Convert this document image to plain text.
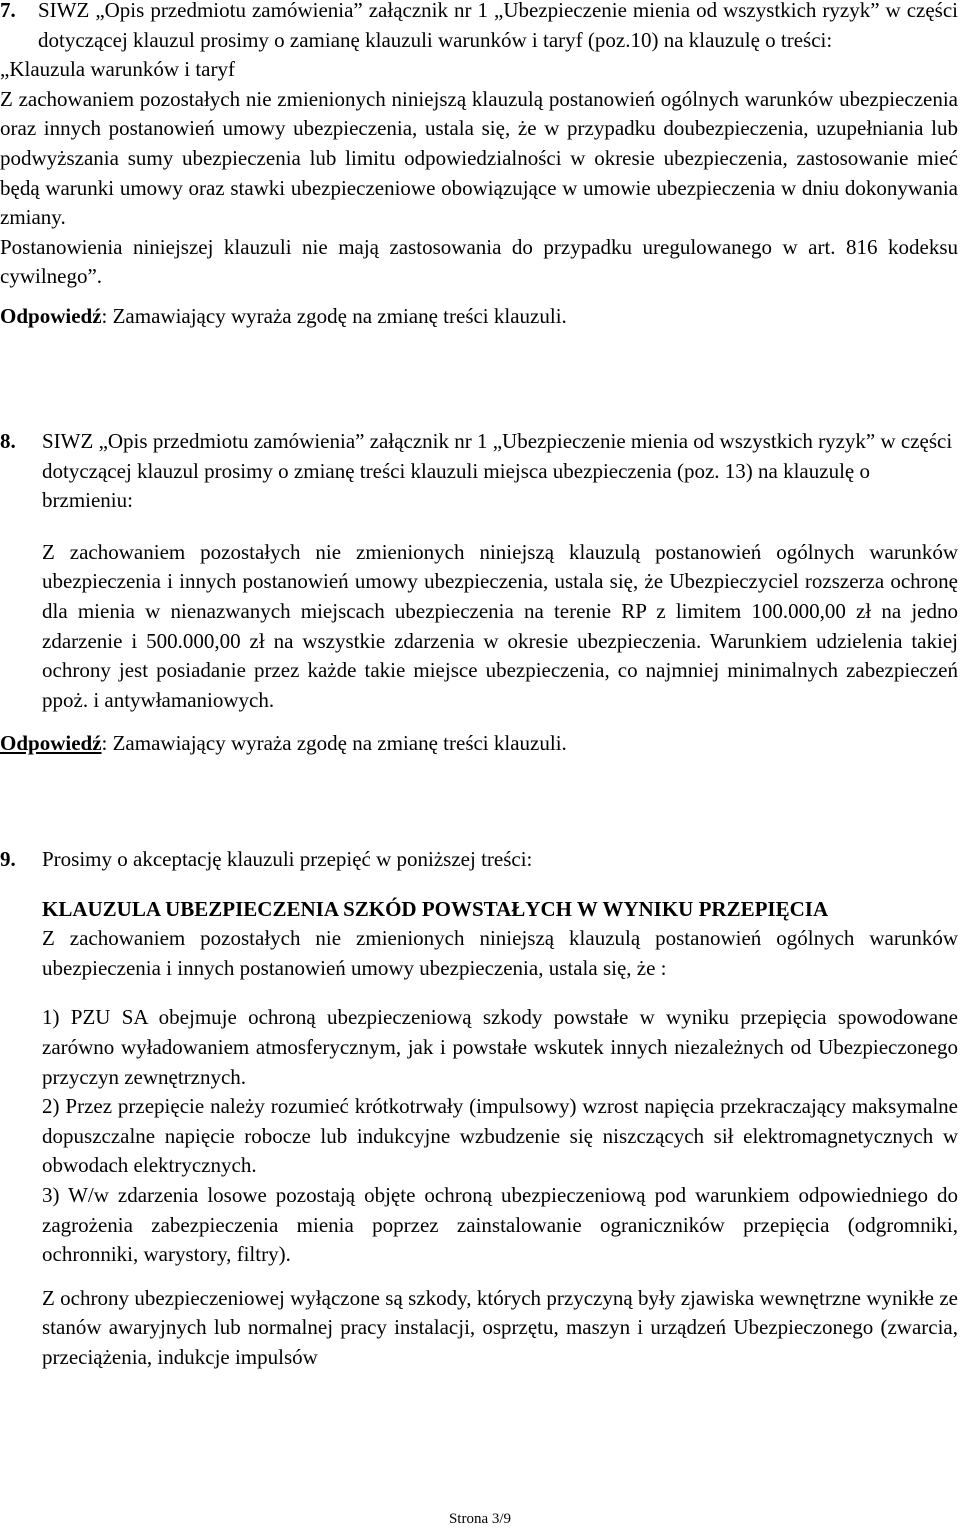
7. SIWZ „Opis przedmiotu zamówienia” załącznik nr 1 „Ubezpieczenie mienia od wszystkich ryzyk” w części dotyczącej klauzul prosimy o zamianę klauzuli warunków i taryf (poz.10) na klauzulę o treści:

„Klauzula warunków i taryf

Z zachowaniem pozostałych nie zmienionych niniejszą klauzulą postanowień ogólnych warunków ubezpieczenia oraz innych postanowień umowy ubezpieczenia, ustala się, że w przypadku doubezpieczenia, uzupełniania lub podwyższania sumy ubezpieczenia lub limitu odpowiedzialności w okresie ubezpieczenia, zastosowanie mieć będą warunki umowy oraz stawki ubezpieczeniowe obowiązujące w umowie ubezpieczenia w dniu dokonywania zmiany.

Postanowienia niniejszej klauzuli nie mają zastosowania do przypadku uregulowanego w art. 816 kodeksu cywilnego”.

Odpowiedź: Zamawiający wyraża zgodę na zmianę treści klauzuli.

8. SIWZ „Opis przedmiotu zamówienia” załącznik nr 1 „Ubezpieczenie mienia od wszystkich ryzyk” w części dotyczącej klauzul prosimy o zmianę treści klauzuli miejsca ubezpieczenia (poz. 13) na klauzulę o brzmieniu:

Z zachowaniem pozostałych nie zmienionych niniejszą klauzulą postanowień ogólnych warunków ubezpieczenia i innych postanowień umowy ubezpieczenia, ustala się, że Ubezpieczyciel rozszerza ochronę dla mienia w nienazwanych miejscach ubezpieczenia na terenie RP z limitem 100.000,00 zł na jedno zdarzenie i 500.000,00 zł na wszystkie zdarzenia w okresie ubezpieczenia. Warunkiem udzielenia takiej ochrony jest posiadanie przez każde takie miejsce ubezpieczenia, co najmniej minimalnych zabezpieczeń ppoż. i antywłamaniowych.

Odpowiedź: Zamawiający wyraża zgodę na zmianę treści klauzuli.

9. Prosimy o akceptację klauzuli przepięć w poniższej treści:

KLAUZULA UBEZPIECZENIA SZKÓD POWSTAŁYCH W WYNIKU PRZEPIĘCIA

Z zachowaniem pozostałych nie zmienionych niniejszą klauzulą postanowień ogólnych warunków ubezpieczenia i innych postanowień umowy ubezpieczenia, ustala się, że :

1) PZU SA obejmuje ochroną ubezpieczeniową szkody powstałe w wyniku przepięcia spowodowane zarówno wyładowaniem atmosferycznym, jak i powstałe wskutek innych niezależnych od Ubezpieczonego przyczyn zewnętrznych.

2) Przez przepięcie należy rozumieć krótkotrwały (impulsowy) wzrost napięcia przekraczający maksymalne dopuszczalne napięcie robocze lub indukcyjne wzbudzenie się niszczących sił elektromagnetycznych w obwodach elektrycznych.

3) W/w zdarzenia losowe pozostają objęte ochroną ubezpieczeniową pod warunkiem odpowiedniego do zagrożenia zabezpieczenia mienia poprzez zainstalowanie ograniczników przepięcia (odgromniki, ochronniki, warystory, filtry).

Z ochrony ubezpieczeniowej wyłączone są szkody, których przyczyną były zjawiska wewnętrzne wynikłe ze stanów awaryjnych lub normalnej pracy instalacji, osprzętu, maszyn i urządzeń Ubezpieczonego (zwarcia, przeciążenia, indukcje impulsów

Strona 3/9
